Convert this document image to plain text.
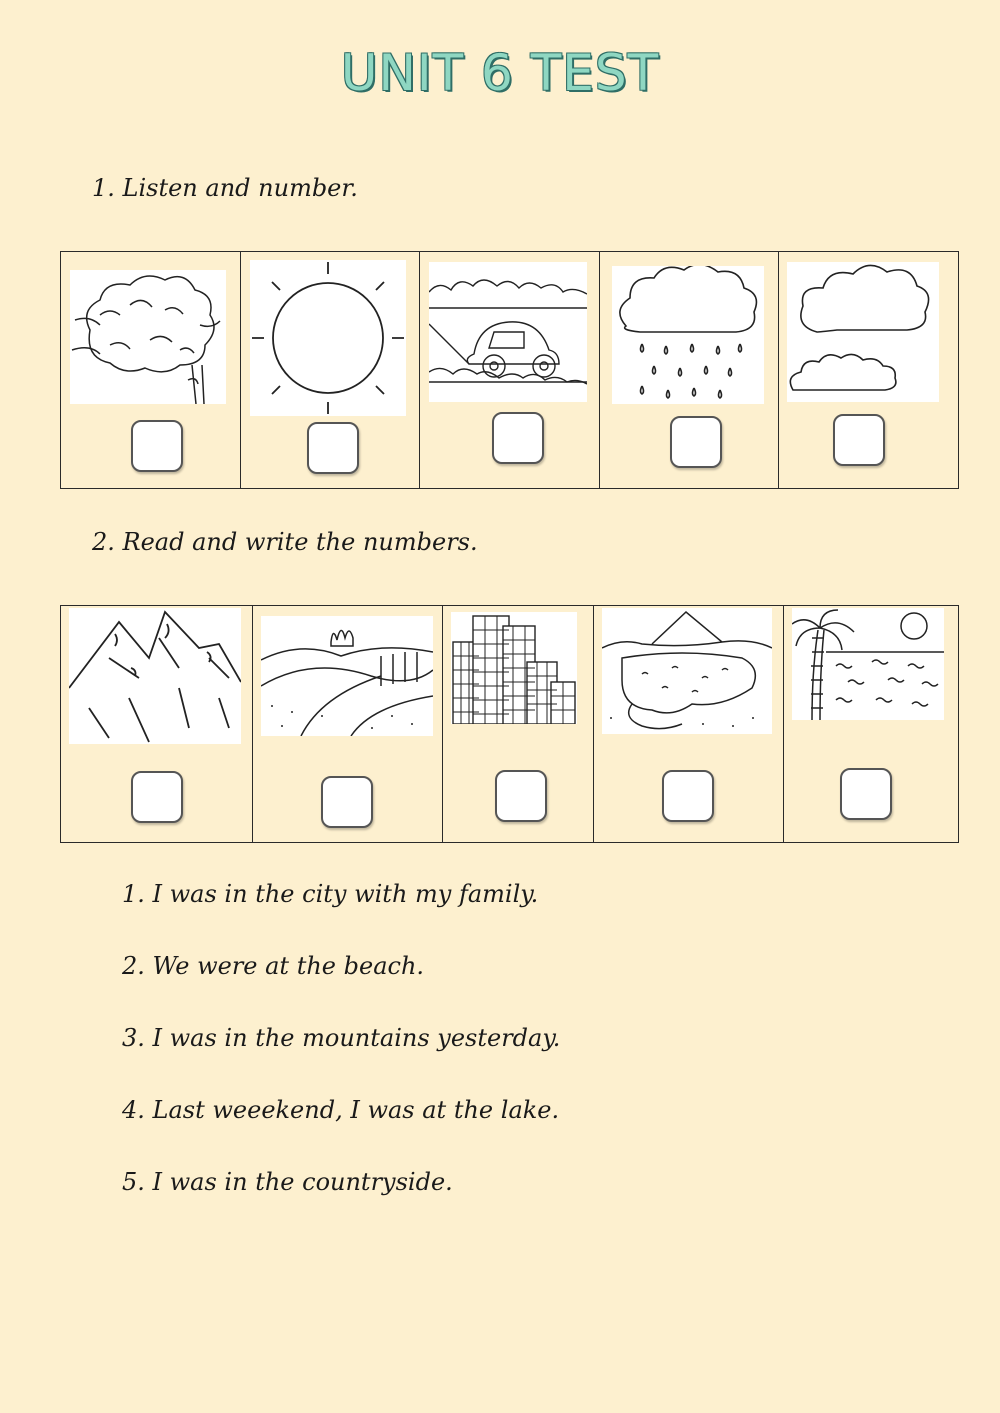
UNIT 6 TEST
1. Listen and number.
2. Read and write the numbers.
1. I was in the city with my family.
2. We were at the beach.
3. I was in the mountains yesterday.
4. Last weeekend, I was at the lake.
5. I was in the countryside.
